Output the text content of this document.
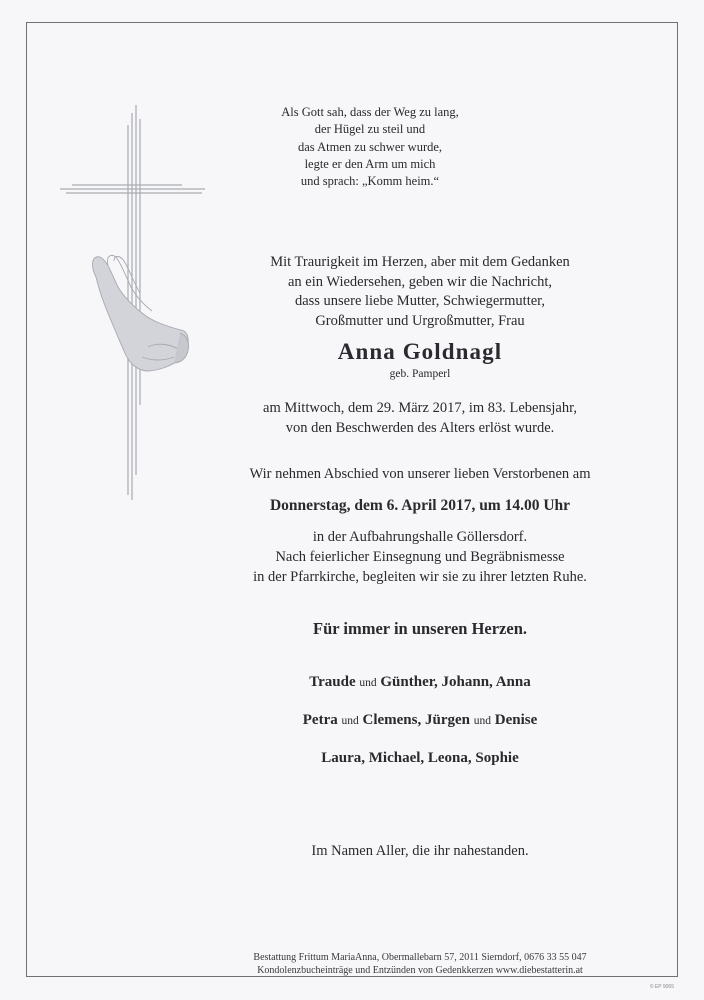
Als Gott sah, dass der Weg zu lang,
der Hügel zu steil und
das Atmen zu schwer wurde,
legte er den Arm um mich
und sprach: „Komm heim.“
Mit Traurigkeit im Herzen, aber mit dem Gedanken
an ein Wiedersehen, geben wir die Nachricht,
dass unsere liebe Mutter, Schwiegermutter,
Großmutter und Urgroßmutter, Frau
Anna Goldnagl
geb. Pamperl
am Mittwoch, dem 29. März 2017, im 83. Lebensjahr,
von den Beschwerden des Alters erlöst wurde.
Wir nehmen Abschied von unserer lieben Verstorbenen am
Donnerstag, dem 6. April 2017, um 14.00 Uhr
in der Aufbahrungshalle Göllersdorf.
Nach feierlicher Einsegnung und Begräbnismesse
in der Pfarrkirche, begleiten wir sie zu ihrer letzten Ruhe.
Für immer in unseren Herzen.
Traude und Günther, Johann, Anna
Petra und Clemens, Jürgen und Denise
Laura, Michael, Leona, Sophie
Im Namen Aller, die ihr nahestanden.
Bestattung Frittum MariaAnna, Obermallebarn 57, 2011 Sierndorf, 0676 33 55 047
Kondolenzbucheinträge und Entzünden von Gedenkkerzen www.diebestatterin.at
© EP 9065
